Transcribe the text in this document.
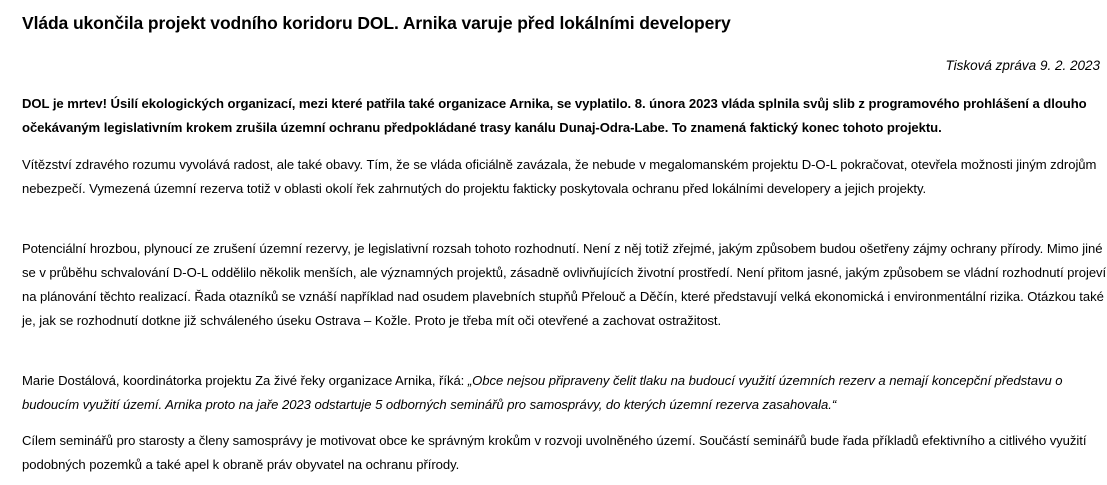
Vláda ukončila projekt vodního koridoru DOL. Arnika varuje před lokálními developery
Tisková zpráva 9. 2. 2023

DOL je mrtev! Úsilí ekologických organizací, mezi které patřila také organizace Arnika, se vyplatilo. 8. února 2023 vláda splnila svůj slib z programového prohlášení a dlouho očekávaným legislativním krokem zrušila územní ochranu předpokládané trasy kanálu Dunaj-Odra-Labe. To znamená faktický konec tohoto projektu.

Vítězství zdravého rozumu vyvolává radost, ale také obavy. Tím, že se vláda oficiálně zavázala, že nebude v megalomanském projektu D-O-L pokračovat, otevřela možnosti jiným zdrojům nebezpečí. Vymezená územní rezerva totiž v oblasti okolí řek zahrnutých do projektu fakticky poskytovala ochranu před lokálními developery a jejich projekty.

Potenciální hrozbou, plynoucí ze zrušení územní rezervy, je legislativní rozsah tohoto rozhodnutí. Není z něj totiž zřejmé, jakým způsobem budou ošetřeny zájmy ochrany přírody. Mimo jiné se v průběhu schvalování D-O-L oddělilo několik menších, ale významných projektů, zásadně ovlivňujících životní prostředí. Není přitom jasné, jakým způsobem se vládní rozhodnutí projeví na plánování těchto realizací. Řada otazníků se vznáší například nad osudem plavebních stupňů Přelouč a Děčín, které představují velká ekonomická i environmentální rizika. Otázkou také je, jak se rozhodnutí dotkne již schváleného úseku Ostrava – Kožle. Proto je třeba mít oči otevřené a zachovat ostražitost.

Marie Dostálová, koordinátorka projektu Za živé řeky organizace Arnika, říká: „Obce nejsou připraveny čelit tlaku na budoucí využití územních rezerv a nemají koncepční představu o budoucím využití území. Arnika proto na jaře 2023 odstartuje 5 odborných seminářů pro samosprávy, do kterých územní rezerva zasahovala.“

Cílem seminářů pro starosty a členy samosprávy je motivovat obce ke správným krokům v rozvoji uvolněného území. Součástí seminářů bude řada příkladů efektivního a citlivého využití podobných pozemků a také apel k obraně práv obyvatel na ochranu přírody.
